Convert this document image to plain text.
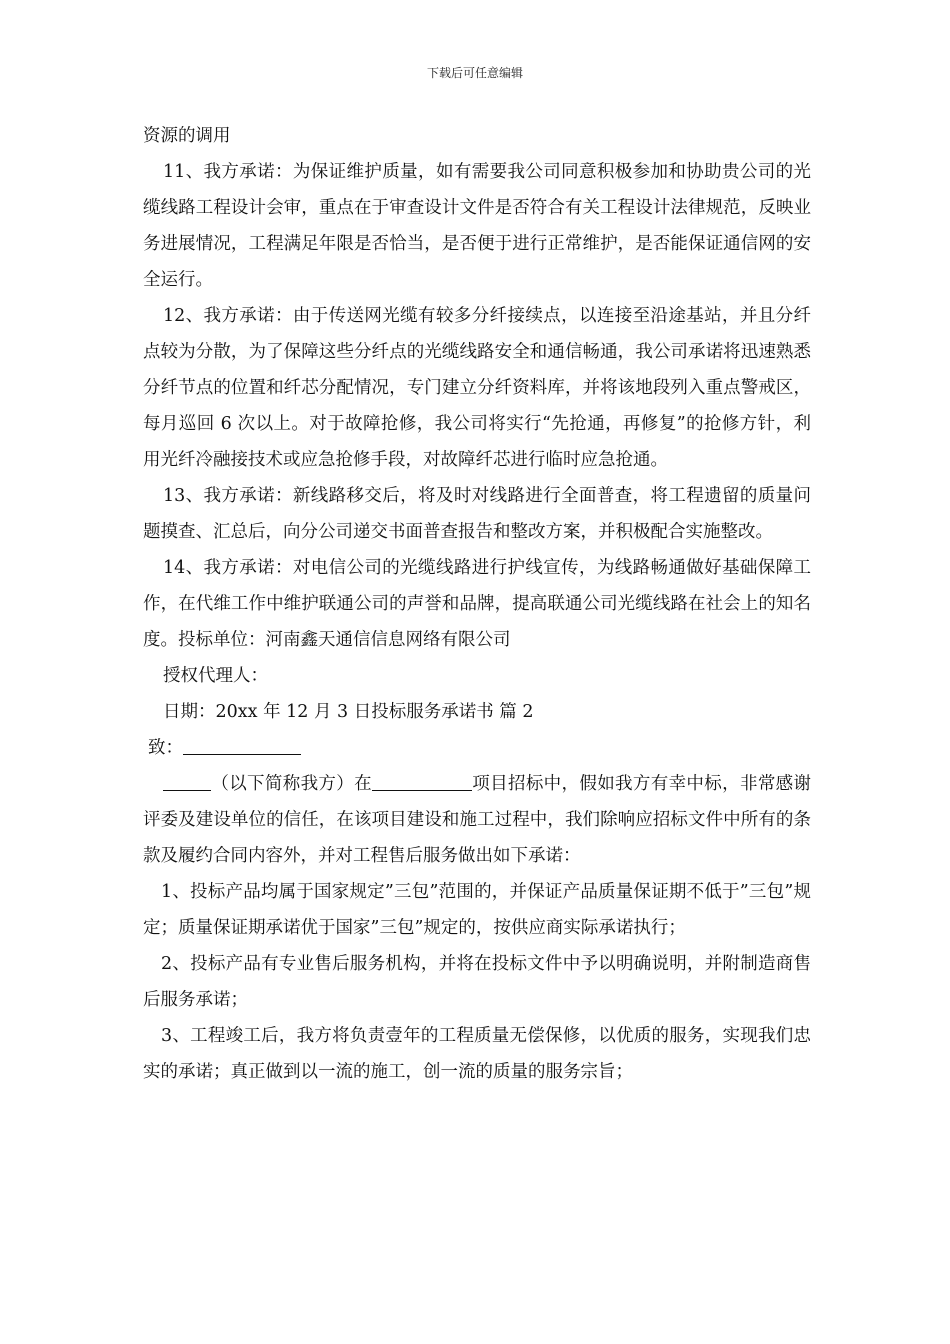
下载后可任意编辑

资源的调用

11、我方承诺：为保证维护质量，如有需要我公司同意积极参加和协助贵公司的光缆线路工程设计会审，重点在于审查设计文件是否符合有关工程设计法律规范，反映业务进展情况，工程满足年限是否恰当，是否便于进行正常维护，是否能保证通信网的安全运行。

12、我方承诺：由于传送网光缆有较多分纤接续点，以连接至沿途基站，并且分纤点较为分散，为了保障这些分纤点的光缆线路安全和通信畅通，我公司承诺将迅速熟悉分纤节点的位置和纤芯分配情况，专门建立分纤资料库，并将该地段列入重点警戒区，每月巡回 6 次以上。对于故障抢修，我公司将实行“先抢通，再修复”的抢修方针，利用光纤冷融接技术或应急抢修手段，对故障纤芯进行临时应急抢通。

13、我方承诺：新线路移交后，将及时对线路进行全面普查，将工程遗留的质量问题摸查、汇总后，向分公司递交书面普查报告和整改方案，并积极配合实施整改。

14、我方承诺：对电信公司的光缆线路进行护线宣传，为线路畅通做好基础保障工作，在代维工作中维护联通公司的声誉和品牌，提高联通公司光缆线路在社会上的知名度。投标单位：河南鑫天通信信息网络有限公司

授权代理人：

日期：20xx 年 12 月 3 日投标服务承诺书 篇 2

致：

（以下简称我方）在	项目招标中，假如我方有幸中标，非常感谢评委及建设单位的信任，在该项目建设和施工过程中，我们除响应招标文件中所有的条款及履约合同内容外，并对工程售后服务做出如下承诺：

1、投标产品均属于国家规定”三包”范围的，并保证产品质量保证期不低于”三包”规定；质量保证期承诺优于国家”三包”规定的，按供应商实际承诺执行；

2、投标产品有专业售后服务机构，并将在投标文件中予以明确说明，并附制造商售后服务承诺；

3、工程竣工后，我方将负责壹年的工程质量无偿保修，以优质的服务，实现我们忠实的承诺；真正做到以一流的施工，创一流的质量的服务宗旨；
